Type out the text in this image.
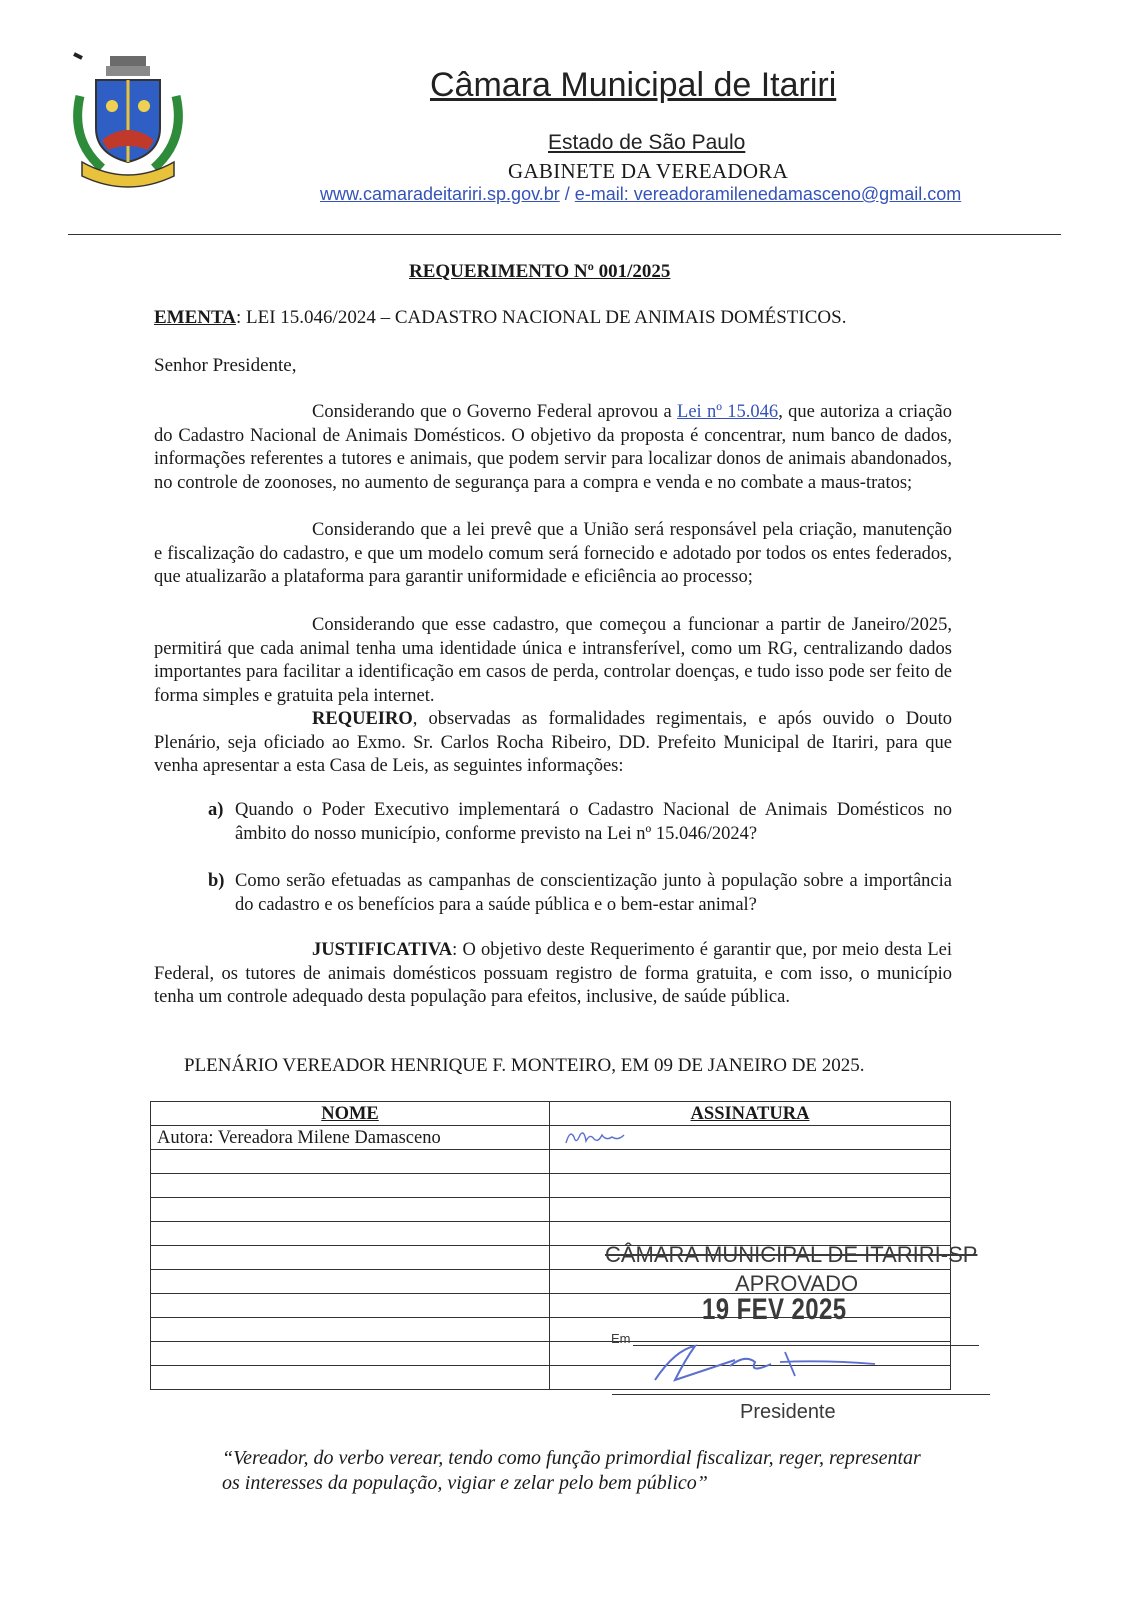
Câmara Municipal de Itariri
Estado de São Paulo
GABINETE DA VEREADORA
www.camaradeitariri.sp.gov.br / e-mail: vereadoramilenedamasceno@gmail.com
REQUERIMENTO Nº 001/2025
EMENTA: LEI 15.046/2024 – CADASTRO NACIONAL DE ANIMAIS DOMÉSTICOS.
Senhor Presidente,
Considerando que o Governo Federal aprovou a Lei nº 15.046, que autoriza a criação do Cadastro Nacional de Animais Domésticos. O objetivo da proposta é concentrar, num banco de dados, informações referentes a tutores e animais, que podem servir para localizar donos de animais abandonados, no controle de zoonoses, no aumento de segurança para a compra e venda e no combate a maus-tratos;
Considerando que a lei prevê que a União será responsável pela criação, manutenção e fiscalização do cadastro, e que um modelo comum será fornecido e adotado por todos os entes federados, que atualizarão a plataforma para garantir uniformidade e eficiência ao processo;
Considerando que esse cadastro, que começou a funcionar a partir de Janeiro/2025, permitirá que cada animal tenha uma identidade única e intransferível, como um RG, centralizando dados importantes para facilitar a identificação em casos de perda, controlar doenças, e tudo isso pode ser feito de forma simples e gratuita pela internet.
REQUEIRO, observadas as formalidades regimentais, e após ouvido o Douto Plenário, seja oficiado ao Exmo. Sr. Carlos Rocha Ribeiro, DD. Prefeito Municipal de Itariri, para que venha apresentar a esta Casa de Leis, as seguintes informações:
a) Quando o Poder Executivo implementará o Cadastro Nacional de Animais Domésticos no âmbito do nosso município, conforme previsto na Lei nº 15.046/2024?
b) Como serão efetuadas as campanhas de conscientização junto à população sobre a importância do cadastro e os benefícios para a saúde pública e o bem-estar animal?
JUSTIFICATIVA: O objetivo deste Requerimento é garantir que, por meio desta Lei Federal, os tutores de animais domésticos possuam registro de forma gratuita, e com isso, o município tenha um controle adequado desta população para efeitos, inclusive, de saúde pública.
PLENÁRIO VEREADOR HENRIQUE F. MONTEIRO, EM 09 DE JANEIRO DE 2025.
NOME	ASSINATURA
Autora: Vereadora Milene Damasceno	

CÂMARA MUNICIPAL DE ITARIRI-SP
APROVADO
19 FEV 2025
Em
Presidente
“Vereador, do verbo verear, tendo como função primordial fiscalizar, reger, representar os interesses da população, vigiar e zelar pelo bem público”
